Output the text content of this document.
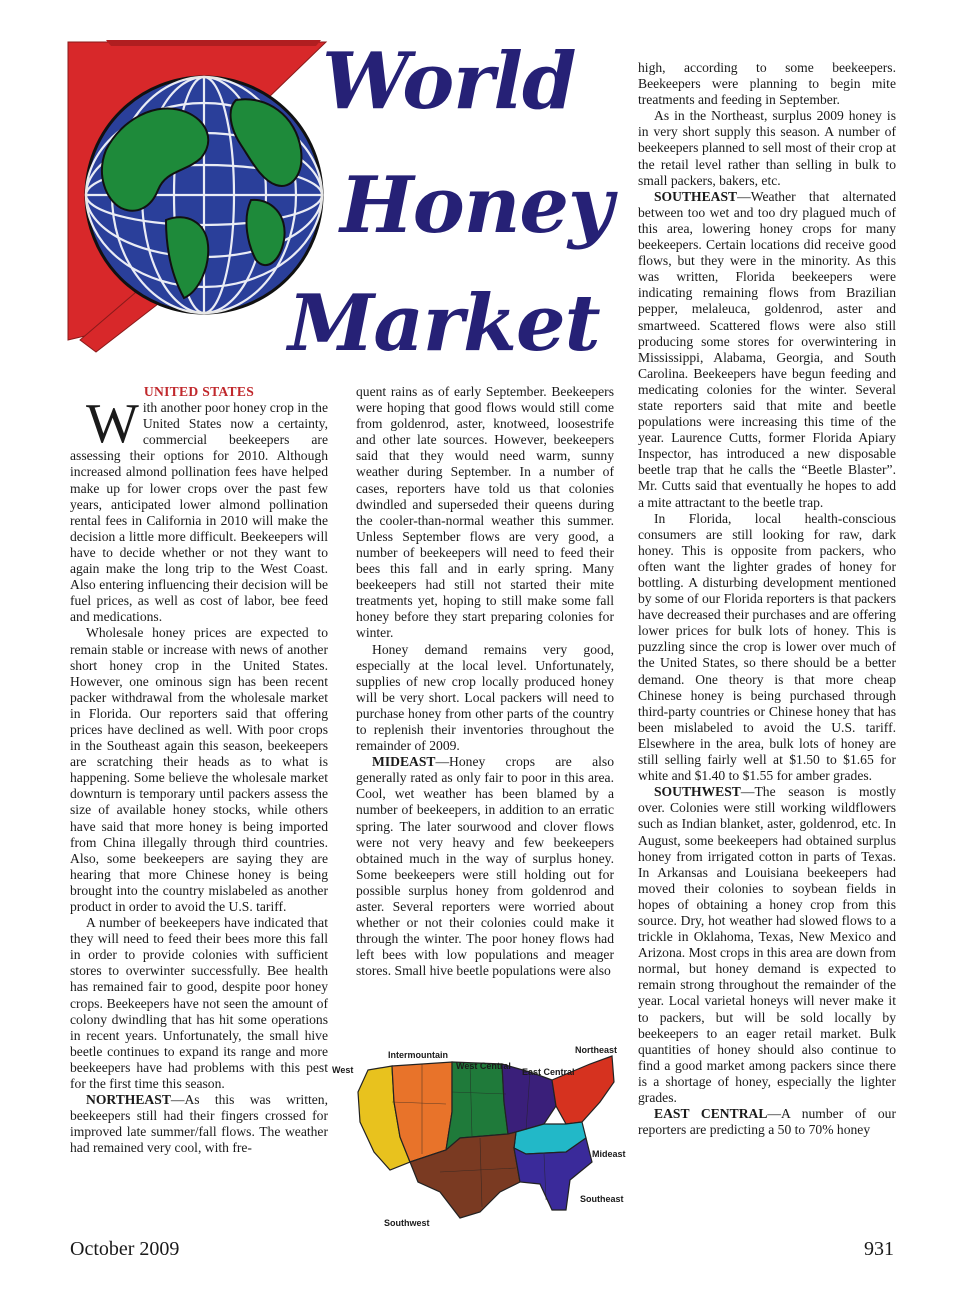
World
Honey
Market

UNITED STATES

With another poor honey crop in the United States now a certainty, commercial beekeepers are assessing their options for 2010. Although increased almond pollination fees have helped make up for lower crops over the past few years, anticipated lower almond pollination rental fees in California in 2010 will make the decision a little more difficult. Beekeepers will have to decide whether or not they want to again make the long trip to the West Coast. Also entering influencing their decision will be fuel prices, as well as cost of labor, bee feed and medications.

Wholesale honey prices are expected to remain stable or increase with news of another short honey crop in the United States. However, one ominous sign has been recent packer withdrawal from the wholesale market in Florida. Our reporters said that offering prices have declined as well. With poor crops in the Southeast again this season, beekeepers are scratching their heads as to what is happening. Some believe the wholesale market downturn is temporary until packers assess the size of available honey stocks, while others have said that more honey is being imported from China illegally through third countries. Also, some beekeepers are saying they are hearing that more Chinese honey is being brought into the country mislabeled as another product in order to avoid the U.S. tariff.

A number of beekeepers have indicated that they will need to feed their bees more this fall in order to provide colonies with sufficient stores to overwinter successfully. Bee health has remained fair to good, despite poor honey crops. Beekeepers have not seen the amount of colony dwindling that has hit some operations in recent years. Unfortunately, the small hive beetle continues to expand its range and more beekeepers have had problems with this pest for the first time this season.

NORTHEAST—As this was written, beekeepers still had their fingers crossed for improved late summer/fall flows. The weather had remained very cool, with fre-

quent rains as of early September. Beekeepers were hoping that good flows would still come from goldenrod, aster, knotweed, loosestrife and other late sources. However, beekeepers said that they would need warm, sunny weather during September. In a number of cases, reporters have told us that colonies dwindled and superseded their queens during the cooler-than-normal weather this summer. Unless September flows are very good, a number of beekeepers will need to feed their bees this fall and in early spring. Many beekeepers had still not started their mite treatments yet, hoping to still make some fall honey before they start preparing colonies for winter.

Honey demand remains very good, especially at the local level. Unfortunately, supplies of new crop locally produced honey will be very short. Local packers will need to purchase honey from other parts of the country to replenish their inventories throughout the remainder of 2009.

MIDEAST—Honey crops are also generally rated as only fair to poor in this area. Cool, wet weather has been blamed by a number of beekeepers, in addition to an erratic spring. The later sourwood and clover flows were not very heavy and few beekeepers obtained much in the way of surplus honey. Some beekeepers were still holding out for possible surplus honey from goldenrod and aster. Several reporters were worried about whether or not their colonies could make it through the winter. The poor honey flows had left bees with low populations and meager stores. Small hive beetle populations were also

high, according to some beekeepers. Beekeepers were planning to begin mite treatments and feeding in September.

As in the Northeast, surplus 2009 honey is in very short supply this season. A number of beekeepers planned to sell most of their crop at the retail level rather than selling in bulk to small packers, bakers, etc.

SOUTHEAST—Weather that alternated between too wet and too dry plagued much of this area, lowering honey crops for many beekeepers. Certain locations did receive good flows, but they were in the minority. As this was written, Florida beekeepers were indicating remaining flows from Brazilian pepper, melaleuca, goldenrod, aster and smartweed. Scattered flows were also still producing some stores for overwintering in Mississippi, Alabama, Georgia, and South Carolina. Beekeepers have begun feeding and medicating colonies for the winter. Several state reporters said that mite and beetle populations were increasing this time of the year. Laurence Cutts, former Florida Apiary Inspector, has introduced a new disposable beetle trap that he calls the “Beetle Blaster”. Mr. Cutts said that eventually he hopes to add a mite attractant to the beetle trap.

In Florida, local health-conscious consumers are still looking for raw, dark honey. This is opposite from packers, who often want the lighter grades of honey for bottling. A disturbing development mentioned by some of our Florida reporters is that packers have decreased their purchases and are offering lower prices for bulk lots of honey. This is puzzling since the crop is lower over much of the United States, so there should be a better demand. One theory is that more cheap Chinese honey is being purchased through third-party countries or Chinese honey that has been mislabeled to avoid the U.S. tariff. Elsewhere in the area, bulk lots of honey are still selling fairly well at $1.50 to $1.65 for white and $1.40 to $1.55 for amber grades.

SOUTHWEST—The season is mostly over. Colonies were still working wildflowers such as Indian blanket, aster, goldenrod, etc. In August, some beekeepers had obtained surplus honey from irrigated cotton in parts of Texas. In Arkansas and Louisiana beekeepers had moved their colonies to soybean fields in hopes of obtaining a honey crop from this source. Dry, hot weather had slowed flows to a trickle in Oklahoma, Texas, New Mexico and Arizona. Most crops in this area are down from normal, but honey demand is expected to remain strong throughout the remainder of the year. Local varietal honeys will never make it to packers, but will be sold locally by beekeepers to an eager retail market. Bulk quantities of honey should also continue to find a good market among packers since there is a shortage of honey, especially the lighter grades.

EAST CENTRAL—A number of our reporters are predicting a 50 to 70% honey

West
Intermountain
West Central
East Central
Northeast
Mideast
Southeast
Southwest
October 2009	931
